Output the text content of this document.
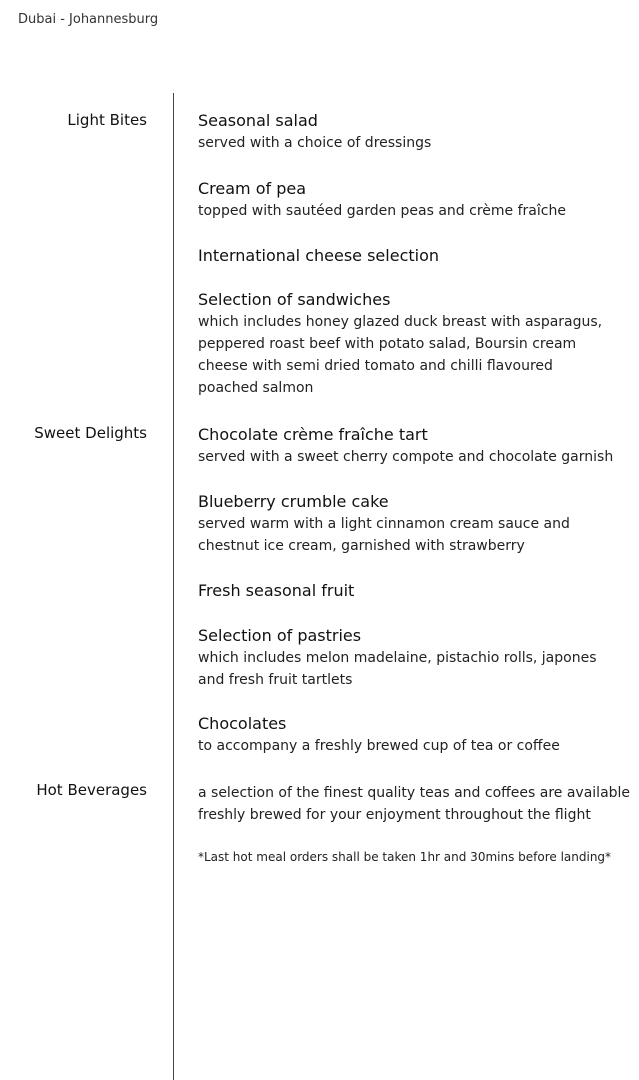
Dubai - Johannesburg
Light Bites
Sweet Delights
Hot Beverages
Seasonal salad
served with a choice of dressings
Cream of pea
topped with sautéed garden peas and crème fraîche
International cheese selection
Selection of sandwiches
which includes honey glazed duck breast with asparagus,
peppered roast beef with potato salad, Boursin cream
cheese with semi dried tomato and chilli flavoured
poached salmon
Chocolate crème fraîche tart
served with a sweet cherry compote and chocolate garnish
Blueberry crumble cake
served warm with a light cinnamon cream sauce and
chestnut ice cream, garnished with strawberry
Fresh seasonal fruit
Selection of pastries
which includes melon madelaine, pistachio rolls, japones
and fresh fruit tartlets
Chocolates
to accompany a freshly brewed cup of tea or coffee
a selection of the finest quality teas and coffees are available
freshly brewed for your enjoyment throughout the flight
*Last hot meal orders shall be taken 1hr and 30mins before landing*
